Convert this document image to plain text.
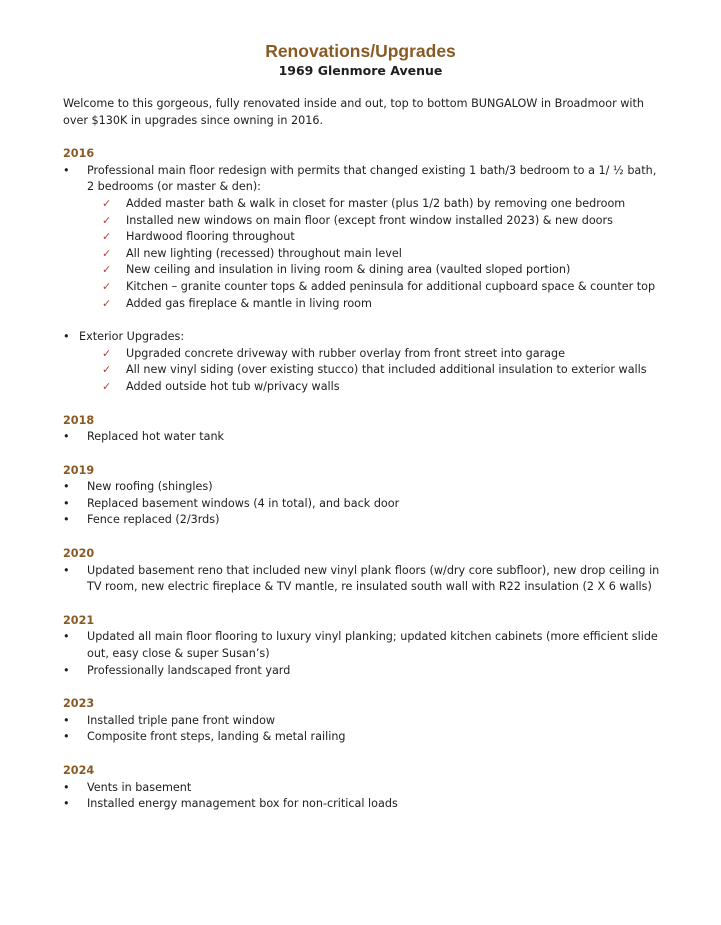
Renovations/Upgrades
1969 Glenmore Avenue

Welcome to this gorgeous, fully renovated inside and out, top to bottom BUNGALOW in Broadmoor with over $130K in upgrades since owning in 2016.

2016
•	Professional main floor redesign with permits that changed existing 1 bath/3 bedroom to a 1/ ½ bath, 2 bedrooms (or master & den):
✓ Added master bath & walk in closet for master (plus 1/2 bath) by removing one bedroom
✓ Installed new windows on main floor (except front window installed 2023) & new doors
✓ Hardwood flooring throughout
✓ All new lighting (recessed) throughout main level
✓ New ceiling and insulation in living room & dining area (vaulted sloped portion)
✓ Kitchen – granite counter tops & added peninsula for additional cupboard space & counter top
✓ Added gas fireplace & mantle in living room
• Exterior Upgrades:
✓ Upgraded concrete driveway with rubber overlay from front street into garage
✓ All new vinyl siding (over existing stucco) that included additional insulation to exterior walls
✓ Added outside hot tub w/privacy walls
2018
•	Replaced hot water tank
2019
•	New roofing (shingles)
•	Replaced basement windows (4 in total), and back door
•	Fence replaced (2/3rds)
2020
•	Updated basement reno that included new vinyl plank floors (w/dry core subfloor), new drop ceiling in TV room, new electric fireplace & TV mantle, re insulated south wall with R22 insulation (2 X 6 walls)
2021
•	Updated all main floor flooring to luxury vinyl planking; updated kitchen cabinets (more efficient slide out, easy close & super Susan’s)
•	Professionally landscaped front yard
2023
•	Installed triple pane front window
•	Composite front steps, landing & metal railing
2024
•	Vents in basement
•	Installed energy management box for non-critical loads
